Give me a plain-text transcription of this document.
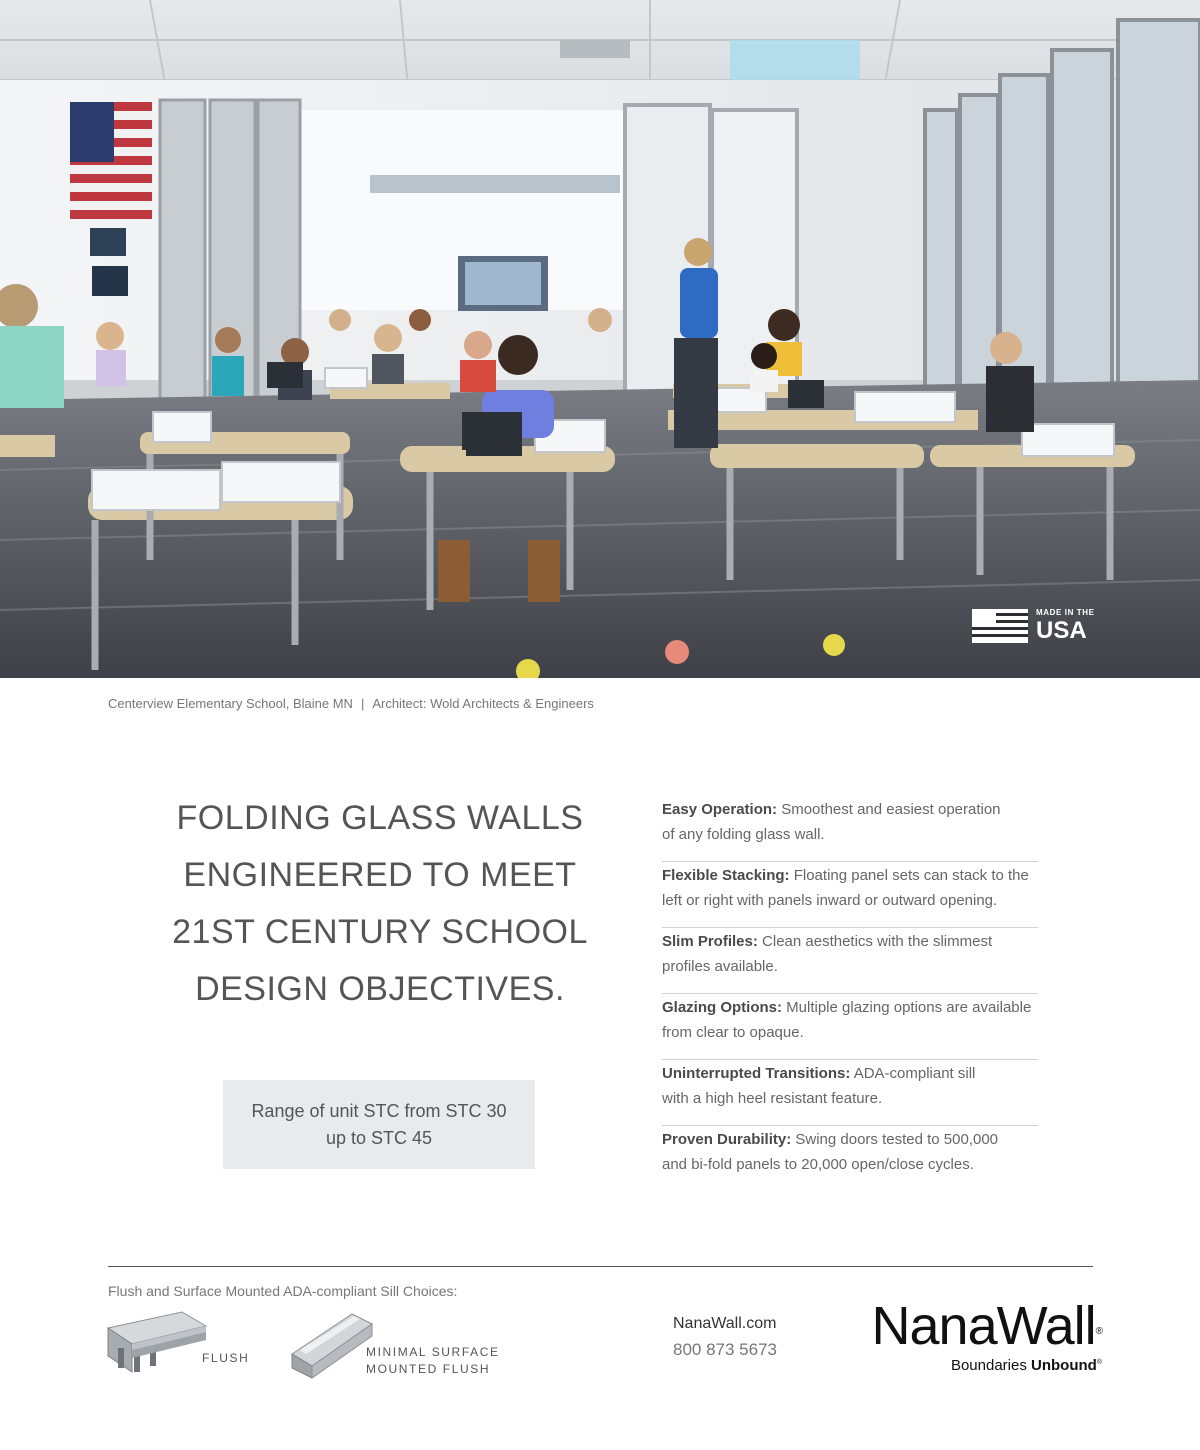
MADE IN THE
USA
Centerview Elementary School, Blaine MN | Architect: Wold Architects & Engineers
FOLDING GLASS WALLS
ENGINEERED TO MEET
21ST CENTURY SCHOOL
DESIGN OBJECTIVES.
Range of unit STC from STC 30
up to STC 45
Easy Operation: Smoothest and easiest operation
of any folding glass wall.
Flexible Stacking: Floating panel sets can stack to the
left or right with panels inward or outward opening.
Slim Profiles: Clean aesthetics with the slimmest
profiles available.
Glazing Options: Multiple glazing options are available
from clear to opaque.
Uninterrupted Transitions: ADA-compliant sill
with a high heel resistant feature.
Proven Durability: Swing doors tested to 500,000
and bi-fold panels to 20,000 open/close cycles.
Flush and Surface Mounted ADA-compliant Sill Choices:
FLUSH	MINIMAL SURFACE
MOUNTED FLUSH
NanaWall.com
800 873 5673 NanaWall®
Boundaries Unbound®
